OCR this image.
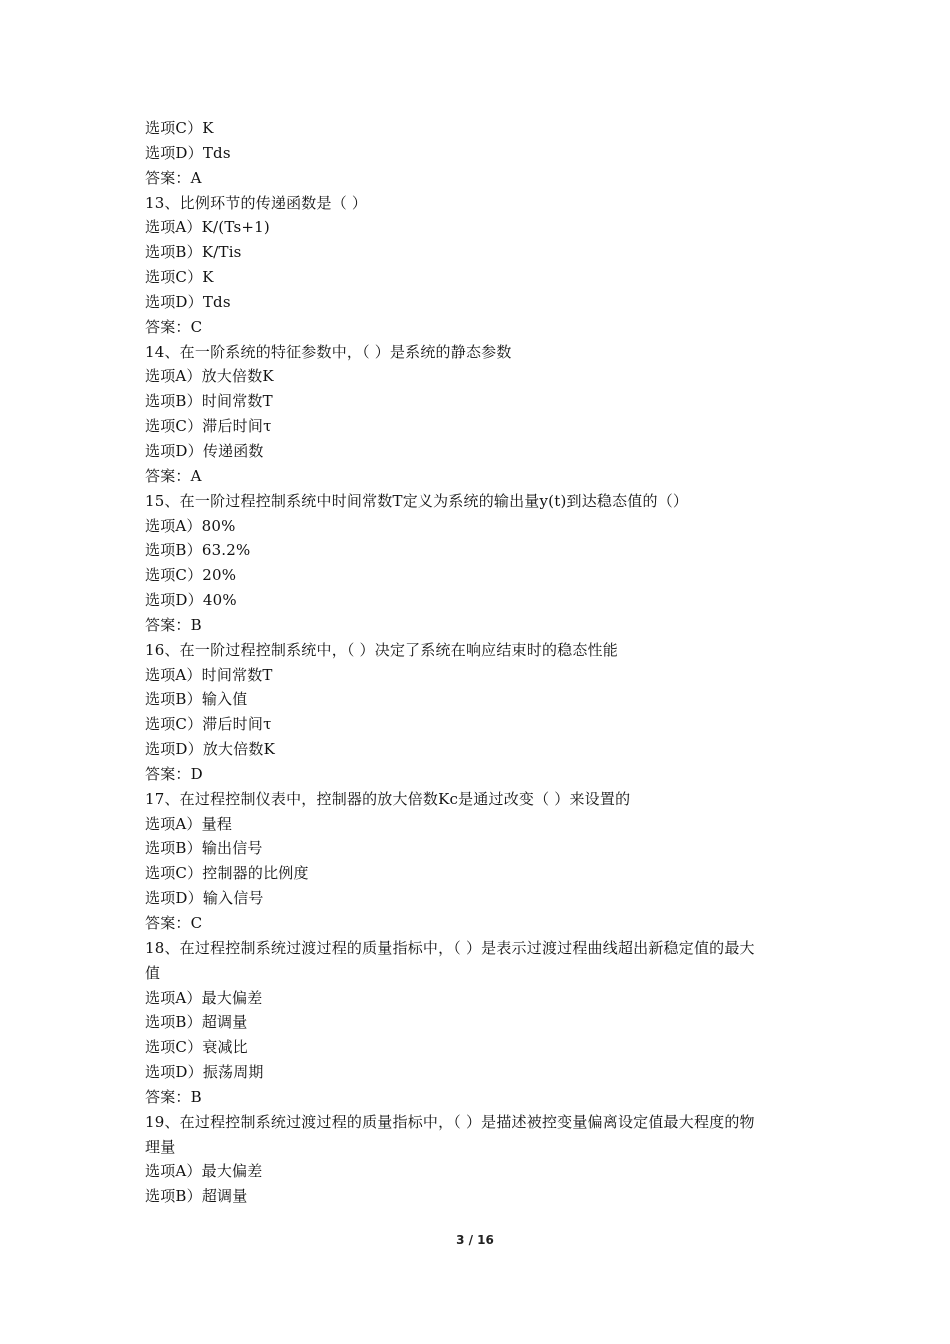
选项C）K
选项D）Tds
答案：A
13、比例环节的传递函数是（ ）
选项A）K/(Ts+1)
选项B）K/Tis
选项C）K
选项D）Tds
答案：C
14、在一阶系统的特征参数中，（ ）是系统的静态参数
选项A）放大倍数K
选项B）时间常数T
选项C）滞后时间τ
选项D）传递函数
答案：A
15、在一阶过程控制系统中时间常数T定义为系统的输出量y(t)到达稳态值的（）
选项A）80%
选项B）63.2%
选项C）20%
选项D）40%
答案：B
16、在一阶过程控制系统中，（ ）决定了系统在响应结束时的稳态性能
选项A）时间常数T
选项B）输入值
选项C）滞后时间τ
选项D）放大倍数K
答案：D
17、在过程控制仪表中，控制器的放大倍数Kc是通过改变（ ）来设置的
选项A）量程
选项B）输出信号
选项C）控制器的比例度
选项D）输入信号
答案：C
18、在过程控制系统过渡过程的质量指标中，（ ）是表示过渡过程曲线超出新稳定值的最大
值
选项A）最大偏差
选项B）超调量
选项C）衰减比
选项D）振荡周期
答案：B
19、在过程控制系统过渡过程的质量指标中，（ ）是描述被控变量偏离设定值最大程度的物
理量
选项A）最大偏差
选项B）超调量
3 / 16
